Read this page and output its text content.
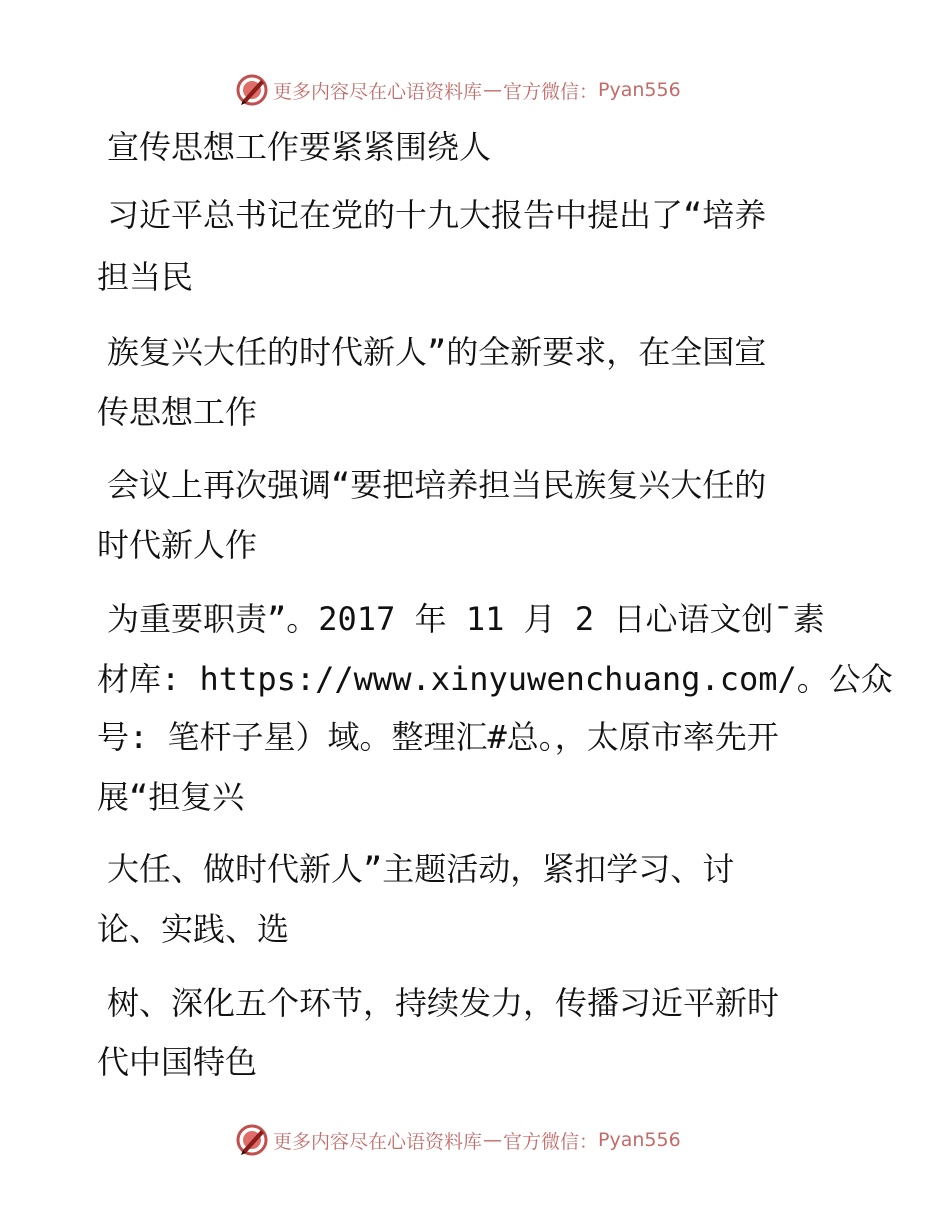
更多内容尽在心语资料库 — 官方微信： Pyan556
宣传思想工作要紧紧围绕人
习近平总书记在党的十九大报告中提出了“培养
担当民
族复兴大任的时代新人”的全新要求，在全国宣
传思想工作
会议上再次强调“要把培养担当民族复兴大任的
时代新人作
为重要职责”。2017 年 11 月 2 日心语文创¯素
材库: https://www.xinyuwenchuang.com/。公众
号: 笔杆子星）域。整理汇#总。，太原市率先开
展“担复兴
大任、做时代新人”主题活动，紧扣学习、讨
论、实践、选
树、深化五个环节，持续发力，传播习近平新时
代中国特色
更多内容尽在心语资料库 — 官方微信： Pyan556
